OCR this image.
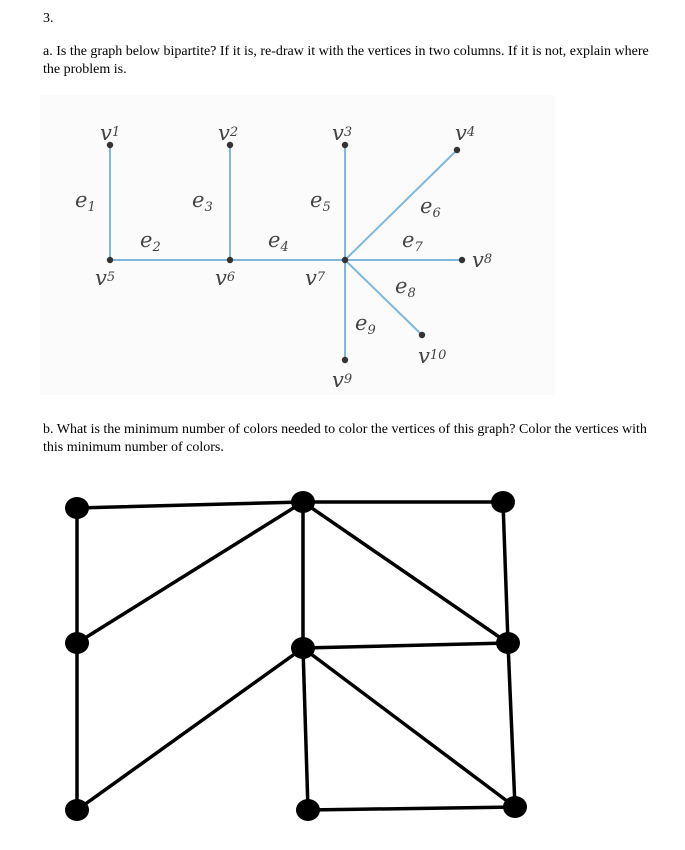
3.
a. Is the graph below bipartite? If it is, re-draw it with the vertices in two columns. If it is not, explain where the problem is.
v1	v2	v3	v4
v5	v6	v7
v8
v9
v10
e1
e2
e3
e4
e5	e6
e7
e8
e9
b. What is the minimum number of colors needed to color the vertices of this graph? Color the vertices with this minimum number of colors.
